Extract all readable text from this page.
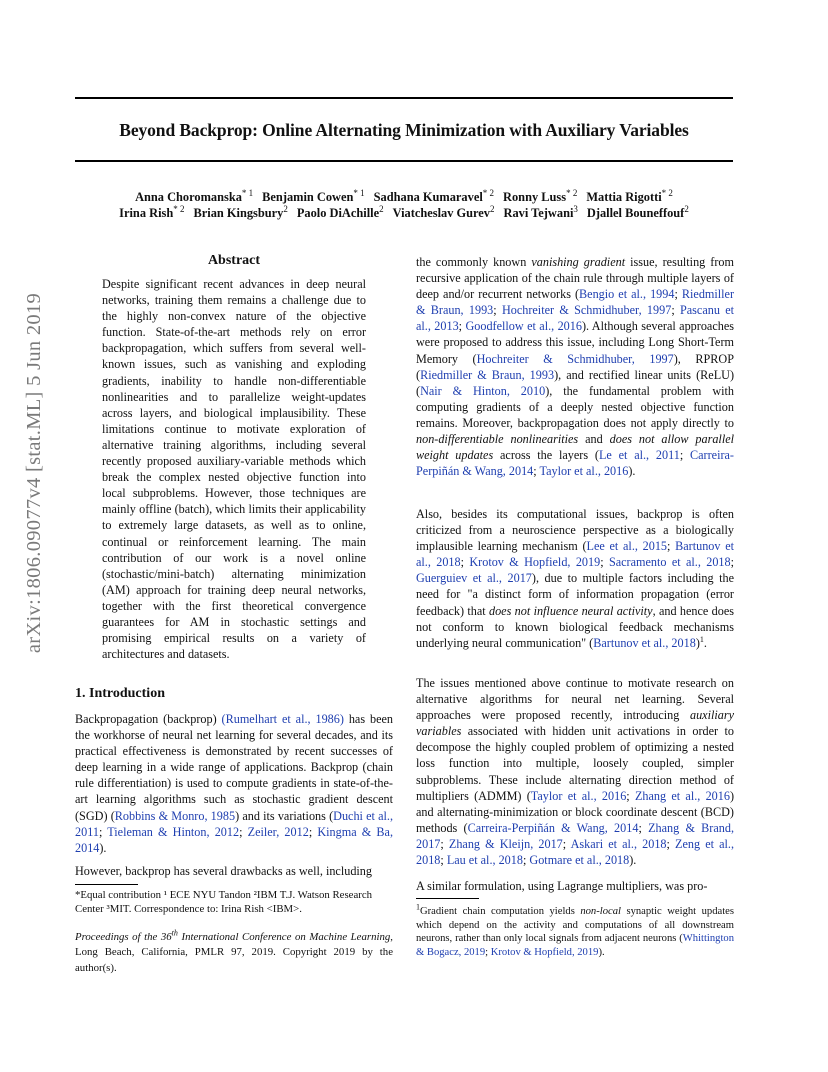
Beyond Backprop: Online Alternating Minimization with Auxiliary Variables
Anna Choromanska$^{* 1}$ Benjamin Cowen$^{* 1}$ Sadhana Kumaravel$^{* 2}$ Ronny Luss$^{* 2}$ Mattia Rigotti$^{* 2}$
Irina Rish$^{* 2}$ Brian Kingsbury$^2$ Paolo DiAchille$^2$ Viatcheslav Gurev$^2$ Ravi Tejwani$^3$ Djallel Bouneffouf$^2$
arXiv:1806.09077v4 [stat.ML] 5 Jun 2019
Abstract
Despite significant recent advances in deep neural networks, training them remains a challenge due to the highly non-convex nature of the objective function. State-of-the-art methods rely on error backpropagation, which suffers from several well-known issues, such as vanishing and exploding gradients, inability to handle non-differentiable nonlinearities and to parallelize weight-updates across layers, and biological implausibility. These limitations continue to motivate exploration of alternative training algorithms, including several recently proposed auxiliary-variable methods which break the complex nested objective function into local subproblems. However, those techniques are mainly offline (batch), which limits their applicability to extremely large datasets, as well as to online, continual or reinforcement learning. The main contribution of our work is a novel online (stochastic/mini-batch) alternating minimization (AM) approach for training deep neural networks, together with the first theoretical convergence guarantees for AM in stochastic settings and promising empirical results on a variety of architectures and datasets.
1. Introduction
Backpropagation (backprop) (Rumelhart et al., 1986) has been the workhorse of neural net learning for several decades, and its practical effectiveness is demonstrated by recent successes of deep learning in a wide range of applications. Backprop (chain rule differentiation) is used to compute gradients in state-of-the-art learning algorithms such as stochastic gradient descent (SGD) (Robbins & Monro, 1985) and its variations (Duchi et al., 2011; Tieleman & Hinton, 2012; Zeiler, 2012; Kingma & Ba, 2014).
However, backprop has several drawbacks as well, including
*Equal contribution ¹ ECE NYU Tandon ²IBM T.J. Watson Research Center ³MIT. Correspondence to: Irina Rish <IBM>.
Proceedings of the 36th International Conference on Machine Learning, Long Beach, California, PMLR 97, 2019. Copyright 2019 by the author(s).
the commonly known vanishing gradient issue, resulting from recursive application of the chain rule through multiple layers of deep and/or recurrent networks (Bengio et al., 1994; Riedmiller & Braun, 1993; Hochreiter & Schmidhuber, 1997; Pascanu et al., 2013; Goodfellow et al., 2016). Although several approaches were proposed to address this issue, including Long Short-Term Memory (Hochreiter & Schmidhuber, 1997), RPROP (Riedmiller & Braun, 1993), and rectified linear units (ReLU) (Nair & Hinton, 2010), the fundamental problem with computing gradients of a deeply nested objective function remains. Moreover, backpropagation does not apply directly to non-differentiable nonlinearities and does not allow parallel weight updates across the layers (Le et al., 2011; Carreira-Perpiñán & Wang, 2014; Taylor et al., 2016).
Also, besides its computational issues, backprop is often criticized from a neuroscience perspective as a biologically implausible learning mechanism (Lee et al., 2015; Bartunov et al., 2018; Krotov & Hopfield, 2019; Sacramento et al., 2018; Guerguiev et al., 2017), due to multiple factors including the need for "a distinct form of information propagation (error feedback) that does not influence neural activity, and hence does not conform to known biological feedback mechanisms underlying neural communication" (Bartunov et al., 2018)$^1$.
The issues mentioned above continue to motivate research on alternative algorithms for neural net learning. Several approaches were proposed recently, introducing auxiliary variables associated with hidden unit activations in order to decompose the highly coupled problem of optimizing a nested loss function into multiple, loosely coupled, simpler subproblems. These include alternating direction method of multipliers (ADMM) (Taylor et al., 2016; Zhang et al., 2016) and alternating-minimization or block coordinate descent (BCD) methods (Carreira-Perpiñán & Wang, 2014; Zhang & Brand, 2017; Zhang & Kleijn, 2017; Askari et al., 2018; Zeng et al., 2018; Lau et al., 2018; Gotmare et al., 2018).
A similar formulation, using Lagrange multipliers, was pro-
$^1$Gradient chain computation yields non-local synaptic weight updates which depend on the activity and computations of all downstream neurons, rather than only local signals from adjacent neurons (Whittington & Bogacz, 2019; Krotov & Hopfield, 2019).
